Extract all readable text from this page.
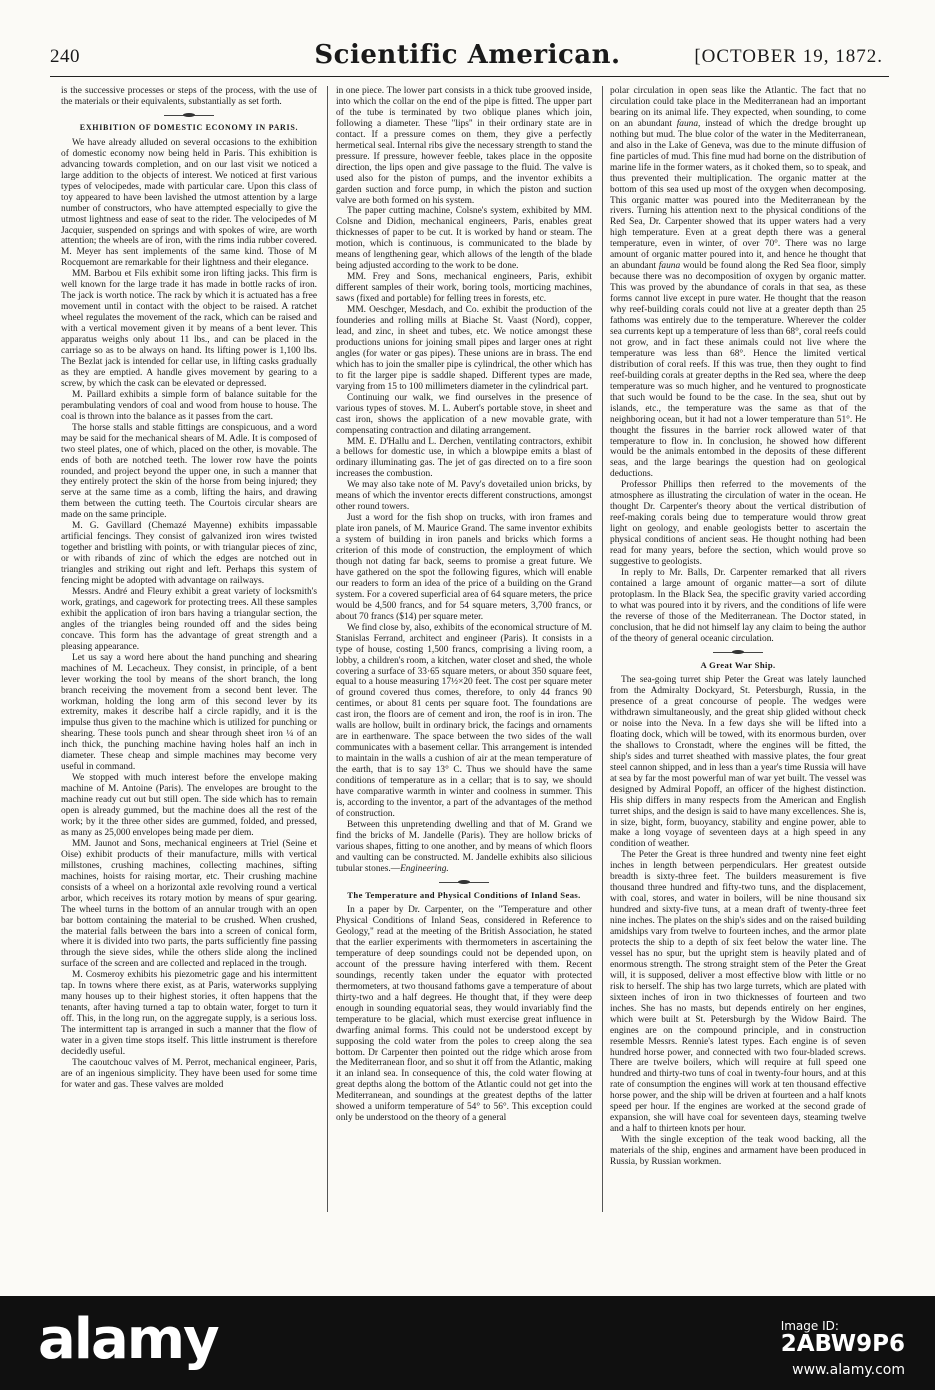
240	Scientific American.	[OCTOBER 19, 1872.

is the successive processes or steps of the process, with the use of the materials or their equivalents, substantially as set forth.

EXHIBITION OF DOMESTIC ECONOMY IN PARIS.

We have already alluded on several occasions to the exhibition of domestic economy now being held in Paris. This exhibition is advancing towards completion, and on our last visit we noticed a large addition to the objects of interest. We noticed at first various types of velocipedes, made with particular care. Upon this class of toy appeared to have been lavished the utmost attention by a large number of constructors, who have attempted especially to give the utmost lightness and ease of seat to the rider. The velocipedes of M Jacquier, suspended on springs and with spokes of wire, are worth attention; the wheels are of iron, with the rims india rubber covered. M. Meyer has sent implements of the same kind. Those of M Rocquemont are remarkable for their lightness and their elegance.

MM. Barbou et Fils exhibit some iron lifting jacks. This firm is well known for the large trade it has made in bottle racks of iron. The jack is worth notice. The rack by which it is actuated has a free movement until in contact with the object to be raised. A ratchet wheel regulates the movement of the rack, which can be raised and with a vertical movement given it by means of a bent lever. This apparatus weighs only about 11 lbs., and can be placed in the carriage so as to be always on hand. Its lifting power is 1,100 lbs. The Bezlat jack is intended for cellar use, in lifting casks gradually as they are emptied. A handle gives movement by gearing to a screw, by which the cask can be elevated or depressed.

M. Paillard exhibits a simple form of balance suitable for the perambulating vendors of coal and wood from house to house. The coal is thrown into the balance as it passes from the cart.

The horse stalls and stable fittings are conspicuous, and a word may be said for the mechanical shears of M. Adle. It is composed of two steel plates, one of which, placed on the other, is movable. The ends of both are notched teeth. The lower row have the points rounded, and project beyond the upper one, in such a manner that they entirely protect the skin of the horse from being injured; they serve at the same time as a comb, lifting the hairs, and drawing them between the cutting teeth. The Courtois circular shears are made on the same principle.

M. G. Gavillard (Chemazé Mayenne) exhibits impassable artificial fencings. They consist of galvanized iron wires twisted together and bristling with points, or with triangular pieces of zinc, or with ribands of zinc of which the edges are notched out in triangles and striking out right and left. Perhaps this system of fencing might be adopted with advantage on railways.

Messrs. André and Fleury exhibit a great variety of locksmith's work, gratings, and cagework for protecting trees. All these samples exhibit the application of iron bars having a triangular section, the angles of the triangles being rounded off and the sides being concave. This form has the advantage of great strength and a pleasing appearance.

Let us say a word here about the hand punching and shearing machines of M. Lecacheux. They consist, in principle, of a bent lever working the tool by means of the short branch, the long branch receiving the movement from a second bent lever. The workman, holding the long arm of this second lever by its extremity, makes it describe half a circle rapidly, and it is the impulse thus given to the machine which is utilized for punching or shearing. These tools punch and shear through sheet iron ¼ of an inch thick, the punching machine having holes half an inch in diameter. These cheap and simple machines may become very useful in command.

We stopped with much interest before the envelope making machine of M. Antoine (Paris). The envelopes are brought to the machine ready cut out but still open. The side which has to remain open is already gummed, but the machine does all the rest of the work; by it the three other sides are gummed, folded, and pressed, as many as 25,000 envelopes being made per diem.

MM. Jaunot and Sons, mechanical engineers at Triel (Seine et Oise) exhibit products of their manufacture, mills with vertical millstones, crushing machines, collecting machines, sifting machines, hoists for raising mortar, etc. Their crushing machine consists of a wheel on a horizontal axle revolving round a vertical arbor, which receives its rotary motion by means of spur gearing. The wheel turns in the bottom of an annular trough with an open bar bottom containing the material to be crushed. When crushed, the material falls between the bars into a screen of conical form, where it is divided into two parts, the parts sufficiently fine passing through the sieve sides, while the others slide along the inclined surface of the screen and are collected and replaced in the trough.

M. Cosmeroy exhibits his piezometric gage and his intermittent tap. In towns where there exist, as at Paris, waterworks supplying many houses up to their highest stories, it often happens that the tenants, after having turned a tap to obtain water, forget to turn it off. This, in the long run, on the aggregate supply, is a serious loss. The intermittent tap is arranged in such a manner that the flow of water in a given time stops itself. This little instrument is therefore decidedly useful.

The caoutchouc valves of M. Perrot, mechanical engineer, Paris, are of an ingenious simplicity. They have been used for some time for water and gas. These valves are molded

in one piece. The lower part consists in a thick tube grooved inside, into which the collar on the end of the pipe is fitted. The upper part of the tube is terminated by two oblique planes which join, following a diameter. These "lips" in their ordinary state are in contact. If a pressure comes on them, they give a perfectly hermetical seal. Internal ribs give the necessary strength to stand the pressure. If pressure, however feeble, takes place in the opposite direction, the lips open and give passage to the fluid. The valve is used also for the piston of pumps, and the inventor exhibits a garden suction and force pump, in which the piston and suction valve are both formed on his system.

The paper cutting machine, Colsne's system, exhibited by MM. Colsne and Didion, mechanical engineers, Paris, enables great thicknesses of paper to be cut. It is worked by hand or steam. The motion, which is continuous, is communicated to the blade by means of lengthening gear, which allows of the length of the blade being adjusted according to the work to be done.

MM. Frey and Sons, mechanical engineers, Paris, exhibit different samples of their work, boring tools, morticing machines, saws (fixed and portable) for felling trees in forests, etc.

MM. Oeschger, Mesdach, and Co. exhibit the production of the founderies and rolling mills at Biache St. Vaast (Nord), copper, lead, and zinc, in sheet and tubes, etc. We notice amongst these productions unions for joining small pipes and larger ones at right angles (for water or gas pipes). These unions are in brass. The end which has to join the smaller pipe is cylindrical, the other which has to fit the larger pipe is saddle shaped. Different types are made, varying from 15 to 100 millimeters diameter in the cylindrical part.

Continuing our walk, we find ourselves in the presence of various types of stoves. M. L. Aubert's portable stove, in sheet and cast iron, shows the application of a new movable grate, with compensating contraction and dilating arrangement.

MM. E. D'Hallu and L. Derchen, ventilating contractors, exhibit a bellows for domestic use, in which a blowpipe emits a blast of ordinary illuminating gas. The jet of gas directed on to a fire soon increases the combustion.

We may also take note of M. Pavy's dovetailed union bricks, by means of which the inventor erects different constructions, amongst other round towers.

Just a word for the fish shop on trucks, with iron frames and plate iron panels, of M. Maurice Grand. The same inventor exhibits a system of building in iron panels and bricks which forms a criterion of this mode of construction, the employment of which though not dating far back, seems to promise a great future. We have gathered on the spot the following figures, which will enable our readers to form an idea of the price of a building on the Grand system. For a covered superficial area of 64 square meters, the price would be 4,500 francs, and for 54 square meters, 3,700 francs, or about 70 francs ($14) per square meter.

We find close by, also, exhibits of the economical structure of M. Stanislas Ferrand, architect and engineer (Paris). It consists in a type of house, costing 1,500 francs, comprising a living room, a lobby, a children's room, a kitchen, water closet and shed, the whole covering a surface of 33·65 square meters, or about 350 square feet, equal to a house measuring 17½×20 feet. The cost per square meter of ground covered thus comes, therefore, to only 44 francs 90 centimes, or about 81 cents per square foot. The foundations are cast iron, the floors are of cement and iron, the roof is in iron. The walls are hollow, built in ordinary brick, the facings and ornaments are in earthenware. The space between the two sides of the wall communicates with a basement cellar. This arrangement is intended to maintain in the walls a cushion of air at the mean temperature of the earth, that is to say 13° C. Thus we should have the same conditions of temperature as in a cellar; that is to say, we should have comparative warmth in winter and coolness in summer. This is, according to the inventor, a part of the advantages of the method of construction.

Between this unpretending dwelling and that of M. Grand we find the bricks of M. Jandelle (Paris). They are hollow bricks of various shapes, fitting to one another, and by means of which floors and vaulting can be constructed. M. Jandelle exhibits also silicious tubular stones.—Engineering.

The Temperature and Physical Conditions of Inland Seas.

In a paper by Dr. Carpenter, on the "Temperature and other Physical Conditions of Inland Seas, considered in Reference to Geology," read at the meeting of the British Association, he stated that the earlier experiments with thermometers in ascertaining the temperature of deep soundings could not be depended upon, on account of the pressure having interfered with them. Recent soundings, recently taken under the equator with protected thermometers, at two thousand fathoms gave a temperature of about thirty-two and a half degrees. He thought that, if they were deep enough in sounding equatorial seas, they would invariably find the temperature to be glacial, which must exercise great influence in dwarfing animal forms. This could not be understood except by supposing the cold water from the poles to creep along the sea bottom. Dr Carpenter then pointed out the ridge which arose from the Mediterranean floor, and so shut it off from the Atlantic, making it an inland sea. In consequence of this, the cold water flowing at great depths along the bottom of the Atlantic could not get into the Mediterranean, and soundings at the greatest depths of the latter showed a uniform temperature of 54° to 56°. This exception could only be understood on the theory of a general

polar circulation in open seas like the Atlantic. The fact that no circulation could take place in the Mediterranean had an important bearing on its animal life. They expected, when sounding, to come on an abundant fauna, instead of which the dredge brought up nothing but mud. The blue color of the water in the Mediterranean, and also in the Lake of Geneva, was due to the minute diffusion of fine particles of mud. This fine mud had borne on the distribution of marine life in the former waters, as it choked them, so to speak, and thus prevented their multiplication. The organic matter at the bottom of this sea used up most of the oxygen when decomposing. This organic matter was poured into the Mediterranean by the rivers. Turning his attention next to the physical conditions of the Red Sea, Dr. Carpenter showed that its upper waters had a very high temperature. Even at a great depth there was a general temperature, even in winter, of over 70°. There was no large amount of organic matter poured into it, and hence he thought that an abundant fauna would be found along the Red Sea floor, simply because there was no decomposition of oxygen by organic matter. This was proved by the abundance of corals in that sea, as these forms cannot live except in pure water. He thought that the reason why reef-building corals could not live at a greater depth than 25 fathoms was entirely due to the temperature. Wherever the colder sea currents kept up a temperature of less than 68°, coral reefs could not grow, and in fact these animals could not live where the temperature was less than 68°. Hence the limited vertical distribution of coral reefs. If this was true, then they ought to find reef-building corals at greater depths in the Red sea, where the deep temperature was so much higher, and he ventured to prognosticate that such would be found to be the case. In the sea, shut out by islands, etc., the temperature was the same as that of the neighboring ocean, but it had not a lower temperature than 51°. He thought the fissures in the barrier rock allowed water of that temperature to flow in. In conclusion, he showed how different would be the animals entombed in the deposits of these different seas, and the large bearings the question had on geological deductions.

Professor Phillips then referred to the movements of the atmosphere as illustrating the circulation of water in the ocean. He thought Dr. Carpenter's theory about the vertical distribution of reef-making corals being due to temperature would throw great light on geology, and enable geologists better to ascertain the physical conditions of ancient seas. He thought nothing had been read for many years, before the section, which would prove so suggestive to geologists.

In reply to Mr. Balls, Dr. Carpenter remarked that all rivers contained a large amount of organic matter—a sort of dilute protoplasm. In the Black Sea, the specific gravity varied according to what was poured into it by rivers, and the conditions of life were the reverse of those of the Mediterranean. The Doctor stated, in conclusion, that he did not himself lay any claim to being the author of the theory of general oceanic circulation.

A Great War Ship.

The sea-going turret ship Peter the Great was lately launched from the Admiralty Dockyard, St. Petersburgh, Russia, in the presence of a great concourse of people. The wedges were withdrawn simultaneously, and the great ship glided without check or noise into the Neva. In a few days she will be lifted into a floating dock, which will be towed, with its enormous burden, over the shallows to Cronstadt, where the engines will be fitted, the ship's sides and turret sheathed with massive plates, the four great steel cannon shipped, and in less than a year's time Russia will have at sea by far the most powerful man of war yet built. The vessel was designed by Admiral Popoff, an officer of the highest distinction. His ship differs in many respects from the American and English turret ships, and the design is said to have many excellences. She is, in size, bight, form, buoyancy, stability and engine power, able to make a long voyage of seventeen days at a high speed in any condition of weather.

The Peter the Great is three hundred and twenty nine feet eight inches in length between perpendiculars. Her greatest outside breadth is sixty-three feet. The builders measurement is five thousand three hundred and fifty-two tuns, and the displacement, with coal, stores, and water in boilers, will be nine thousand six hundred and sixty-five tuns, at a mean draft of twenty-three feet nine inches. The plates on the ship's sides and on the raised building amidships vary from twelve to fourteen inches, and the armor plate protects the ship to a depth of six feet below the water line. The vessel has no spur, but the upright stem is heavily plated and of enormous strength. The strong straight stem of the Peter the Great will, it is supposed, deliver a most effective blow with little or no risk to herself. The ship has two large turrets, which are plated with sixteen inches of iron in two thicknesses of fourteen and two inches. She has no masts, but depends entirely on her engines, which were built at St. Petersburgh by the Widow Baird. The engines are on the compound principle, and in construction resemble Messrs. Rennie's latest types. Each engine is of seven hundred horse power, and connected with two four-bladed screws. There are twelve boilers, which will require at full speed one hundred and thirty-two tuns of coal in twenty-four hours, and at this rate of consumption the engines will work at ten thousand effective horse power, and the ship will be driven at fourteen and a half knots speed per hour. If the engines are worked at the second grade of expansion, she will have coal for seventeen days, steaming twelve and a half to thirteen knots per hour.

With the single exception of the teak wood backing, all the materials of the ship, engines and armament have been produced in Russia, by Russian workmen.

alamy	Image ID:
2ABW9P6
www.alamy.com
